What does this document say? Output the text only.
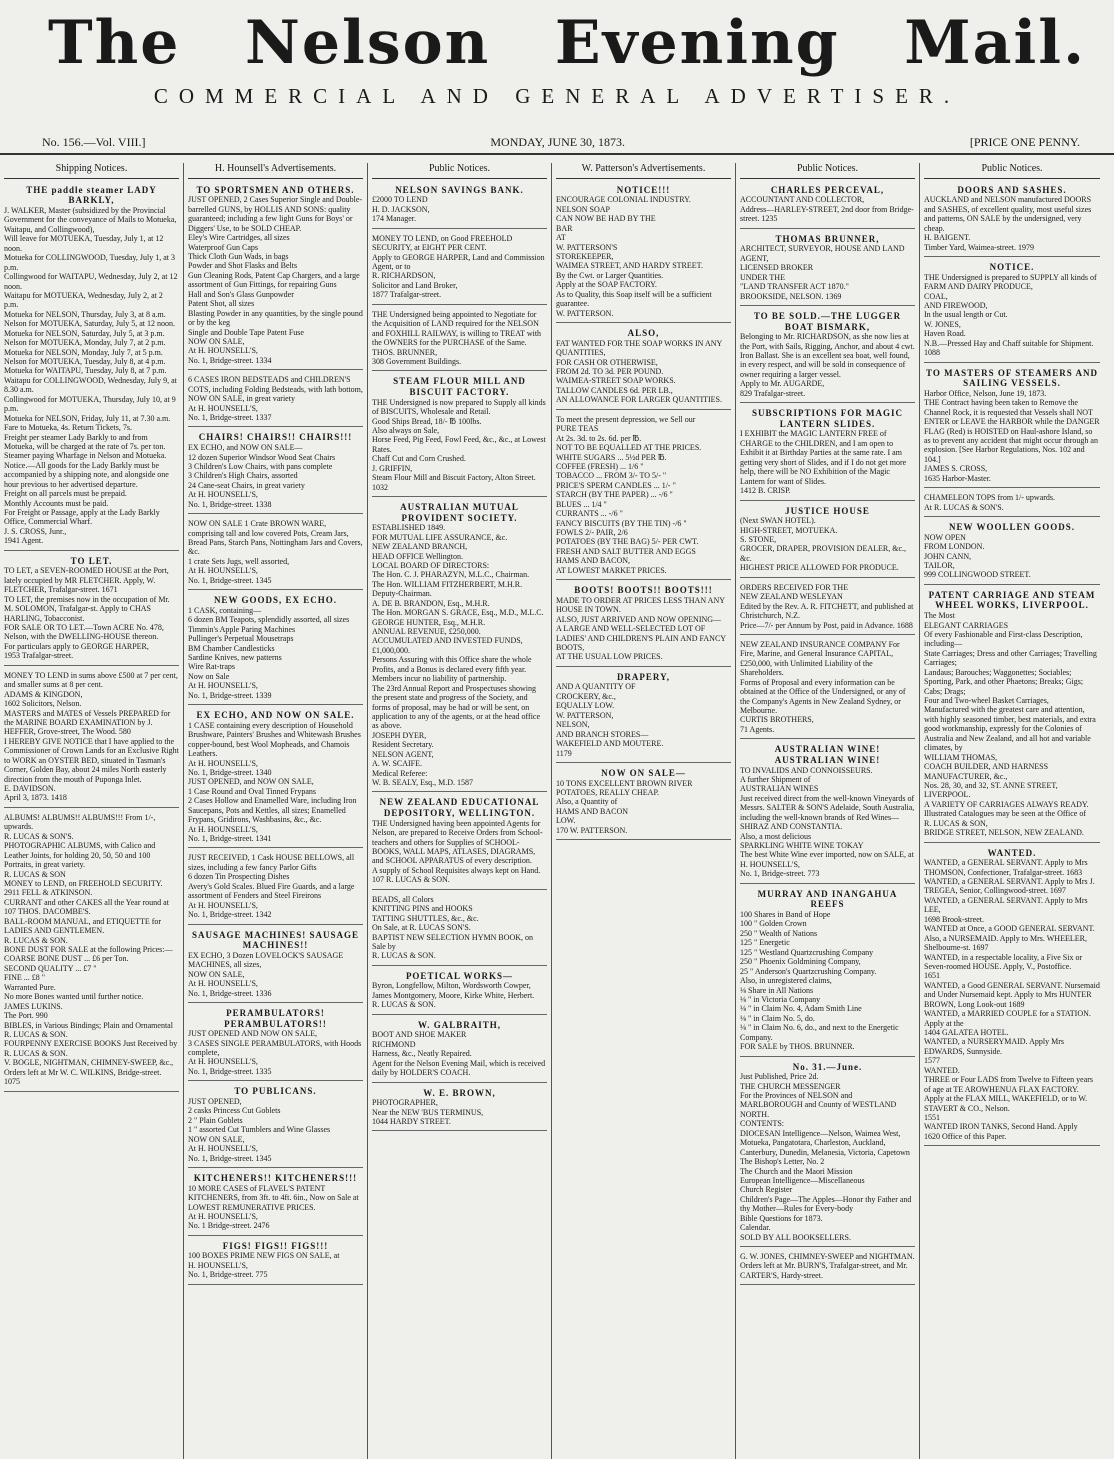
The Nelson Evening Mail.
COMMERCIAL AND GENERAL ADVERTISER.
No. 156.—Vol. VIII.]	MONDAY, JUNE 30, 1873.	[PRICE ONE PENNY.
Shipping Notices.
THE paddle steamer LADY BARKLY,
J. WALKER, Master (subsidized by the Provincial Government for the conveyance of Mails to Motueka, Waitapu, and Collingwood),
Will leave for MOTUEKA, Tuesday, July 1, at 12 noon.
Motueka for COLLINGWOOD, Tuesday, July 1, at 3 p.m.
Collingwood for WAITAPU, Wednesday, July 2, at 12 noon.
Waitapu for MOTUEKA, Wednesday, July 2, at 2 p.m.
Motueka for NELSON, Thursday, July 3, at 8 a.m.
Nelson for MOTUEKA, Saturday, July 5, at 12 noon.
Motueka for NELSON, Saturday, July 5, at 3 p.m.
Nelson for MOTUEKA, Monday, July 7, at 2 p.m.
Motueka for NELSON, Monday, July 7, at 5 p.m.
Nelson for MOTUEKA, Tuesday, July 8, at 4 p.m.
Motueka for WAITAPU, Tuesday, July 8, at 7 p.m.
Waitapu for COLLINGWOOD, Wednesday, July 9, at 8.30 a.m.
Collingwood for MOTUEKA, Thursday, July 10, at 9 p.m.
Motueka for NELSON, Friday, July 11, at 7.30 a.m.
Fare to Motueka, 4s. Return Tickets, 7s.
Freight per steamer Lady Barkly to and from Motueka, will be charged at the rate of 7s. per ton. Steamer paying Wharfage in Nelson and Motueka.
Notice.—All goods for the Lady Barkly must be accompanied by a shipping note, and alongside one hour previous to her advertised departure.
Freight on all parcels must be prepaid.
Monthly Accounts must be paid.
For Freight or Passage, apply at the Lady Barkly Office, Commercial Wharf.
J. S. CROSS, Junr.,
1941 Agent.
TO LET.
TO LET, a SEVEN-ROOMED HOUSE at the Port, lately occupied by MR FLETCHER. Apply, W. FLETCHER, Trafalgar-street. 1671
TO LET, the premises now in the occupation of Mr. M. SOLOMON, Trafalgar-st. Apply to CHAS HARLING, Tobacconist.
FOR SALE OR TO LET.—Town ACRE No. 478, Nelson, with the DWELLING-HOUSE thereon.
For particulars apply to GEORGE HARPER,
1953 Trafalgar-street.
MONEY TO LEND in sums above £500 at 7 per cent, and smaller sums at 8 per cent.
ADAMS & KINGDON,
1602 Solicitors, Nelson.
MASTERS and MATES of Vessels PREPARED for the MARINE BOARD EXAMINATION by J. HEFFER, Grove-street, The Wood. 580
I HEREBY GIVE NOTICE that I have applied to the Commissioner of Crown Lands for an Exclusive Right to WORK an OYSTER BED, situated in Tasman's Corner, Golden Bay, about 24 miles North easterly direction from the mouth of Puponga Inlet.
E. DAVIDSON.
April 3, 1873. 1418
ALBUMS! ALBUMS!! ALBUMS!!! From 1/-, upwards.
R. LUCAS & SON'S.
PHOTOGRAPHIC ALBUMS, with Calico and Leather Joints, for holding 20, 50, 50 and 100 Portraits, in great variety.
R. LUCAS & SON
MONEY to LEND, on FREEHOLD SECURITY.
2911 FELL & ATKINSON.
CURRANT and other CAKES all the Year round at
107 THOS. DACOMBE'S.
BALL-ROOM MANUAL, and ETIQUETTE for LADIES AND GENTLEMEN.
R. LUCAS & SON.
BONE DUST FOR SALE at the following Prices:—
COARSE BONE DUST ... £6 per Ton.
SECOND QUALITY ... £7 "
FINE ... £8 "
Warranted Pure.
No more Bones wanted until further notice.
JAMES LUKINS.
The Port. 990
BIBLES, in Various Bindings; Plain and Ornamental
R. LUCAS & SON.
FOURPENNY EXERCISE BOOKS Just Received by
R. LUCAS & SON.
V. BOGLE, NIGHTMAN, CHIMNEY-SWEEP, &c., Orders left at Mr W. C. WILKINS, Bridge-street. 1075
H. Hounsell's Advertisements.
TO SPORTSMEN AND OTHERS.
JUST OPENED, 2 Cases Superior Single and Double-barrelled GUNS, by HOLLIS AND SONS: quality guaranteed; including a few light Guns for Boys' or Diggers' Use, to be SOLD CHEAP.
Eley's Wire Cartridges, all sizes
Waterproof Gun Caps
Thick Cloth Gun Wads, in bags
Powder and Shot Flasks and Belts
Gun Cleaning Rods, Patent Cap Chargers, and a large assortment of Gun Fittings, for repairing Guns
Hall and Son's Glass Gunpowder
Patent Shot, all sizes
Blasting Powder in any quantities, by the single pound or by the keg
Single and Double Tape Patent Fuse
NOW ON SALE,
At H. HOUNSELL'S,
No. 1, Bridge-street. 1334
6 CASES IRON BEDSTEADS and CHILDREN'S COTS, including Folding Bedsteads, with lath bottom, NOW ON SALE, in great variety
At H. HOUNSELL'S,
No. 1, Bridge-street. 1337
CHAIRS! CHAIRS!! CHAIRS!!!
EX ECHO, and NOW ON SALE—
12 dozen Superior Windsor Wood Seat Chairs
3 Children's Low Chairs, with pans complete
3 Children's High Chairs, assorted
24 Cane-seat Chairs, in great variety
At H. HOUNSELL'S,
No. 1, Bridge-street. 1338
NOW ON SALE 1 Crate BROWN WARE, comprising tall and low covered Pots, Cream Jars, Bread Pans, Starch Pans, Nottingham Jars and Covers, &c.
1 crate Sets Jugs, well assorted,
At H. HOUNSELL'S,
No. 1, Bridge-street. 1345
NEW GOODS, EX ECHO.
1 CASK, containing—
6 dozen BM Teapots, splendidly assorted, all sizes
Timmin's Apple Paring Machines
Pullinger's Perpetual Mousetraps
BM Chamber Candlesticks
Sardine Knives, new patterns
Wire Rat-traps
Now on Sale
At H. HOUNSELL'S,
No. 1, Bridge-street. 1339
EX ECHO, AND NOW ON SALE.
1 CASE containing every description of Household Brushware, Painters' Brushes and Whitewash Brushes copper-bound, best Wool Mopheads, and Chamois Leathers.
At H. HOUNSELL'S,
No. 1, Bridge-street. 1340
JUST OPENED, and NOW ON SALE,
1 Case Round and Oval Tinned Frypans
2 Cases Hollow and Enamelled Ware, including Iron Saucepans, Pots and Kettles, all sizes; Enamelled Frypans, Gridirons, Washbasins, &c., &c.
At H. HOUNSELL'S,
No. 1, Bridge-street. 1341
JUST RECEIVED, 1 Cask HOUSE BELLOWS, all sizes, including a few fancy Parlor Gifts
6 dozen Tin Prospecting Dishes
Avery's Gold Scales. Blued Fire Guards, and a large assortment of Fenders and Steel Fireirons
At H. HOUNSELL'S,
No. 1, Bridge-street. 1342
SAUSAGE MACHINES! SAUSAGE MACHINES!!
EX ECHO, 3 Dozen LOVELOCK'S SAUSAGE MACHINES, all sizes,
NOW ON SALE,
At H. HOUNSELL'S,
No. 1, Bridge-street. 1336
PERAMBULATORS! PERAMBULATORS!!
JUST OPENED AND NOW ON SALE,
3 CASES SINGLE PERAMBULATORS, with Hoods complete,
At H. HOUNSELL'S,
No. 1, Bridge-street. 1335
TO PUBLICANS.
JUST OPENED,
2 casks Princess Cut Goblets
2 " Plain Goblets
1 " assorted Cut Tumblers and Wine Glasses
NOW ON SALE,
At H. HOUNSELL'S,
No. 1, Bridge-street. 1345
KITCHENERS!! KITCHENERS!!!
10 MORE CASES of FLAVEL'S PATENT KITCHENERS, from 3ft. to 4ft. 6in., Now on Sale at LOWEST REMUNERATIVE PRICES.
At H. HOUNSELL'S,
No. 1 Bridge-street. 2476
FIGS! FIGS!! FIGS!!!
100 BOXES PRIME NEW FIGS ON SALE, at
H. HOUNSELL'S,
No. 1, Bridge-street. 775
Public Notices.
NELSON SAVINGS BANK.
£2000 TO LEND
H. D. JACKSON,
174 Manager.
MONEY TO LEND, on Good FREEHOLD SECURITY, at EIGHT PER CENT.
Apply to GEORGE HARPER, Land and Commission Agent, or to
R. RICHARDSON,
Solicitor and Land Broker,
1877 Trafalgar-street.
THE Undersigned being appointed to Negotiate for the Acquisition of LAND required for the NELSON and FOXHILL RAILWAY, is willing to TREAT with the OWNERS for the PURCHASE of the Same.
THOS. BRUNNER,
308 Government Buildings.
STEAM FLOUR MILL AND BISCUIT FACTORY.
THE Undersigned is now prepared to Supply all kinds of BISCUITS, Wholesale and Retail.
Good Ships Bread, 18/- ℔ 100lbs.
Also always on Sale,
Horse Feed, Pig Feed, Fowl Feed, &c., &c., at Lowest Rates.
Chaff Cut and Corn Crushed.
J. GRIFFIN,
Steam Flour Mill and Biscuit Factory, Alton Street. 1032
AUSTRALIAN MUTUAL PROVIDENT SOCIETY.
ESTABLISHED 1849.
FOR MUTUAL LIFE ASSURANCE, &c.
NEW ZEALAND BRANCH,
HEAD OFFICE Wellington.
LOCAL BOARD OF DIRECTORS:
The Hon. C. J. PHARAZYN, M.L.C., Chairman.
The Hon. WILLIAM FITZHERBERT, M.H.R. Deputy-Chairman.
A. DE B. BRANDON, Esq., M.H.R.
The Hon. MORGAN S. GRACE, Esq., M.D., M.L.C.
GEORGE HUNTER, Esq., M.H.R.
ANNUAL REVENUE, £250,000.
ACCUMULATED AND INVESTED FUNDS, £1,000,000.
Persons Assuring with this Office share the whole Profits, and a Bonus is declared every fifth year.
Members incur no liability of partnership.
The 23rd Annual Report and Prospectuses showing the present state and progress of the Society, and forms of proposal, may be had or will be sent, on application to any of the agents, or at the head office as above.
JOSEPH DYER,
Resident Secretary.
NELSON AGENT,
A. W. SCAIFE.
Medical Referee:
W. B. SEALY, Esq., M.D. 1587
NEW ZEALAND EDUCATIONAL DEPOSITORY, WELLINGTON.
THE Undersigned having been appointed Agents for Nelson, are prepared to Receive Orders from School-teachers and others for Supplies of SCHOOL-BOOKS, WALL MAPS, ATLASES, DIAGRAMS, and SCHOOL APPARATUS of every description.
A supply of School Requisites always kept on Hand.
107 R. LUCAS & SON.
BEADS, all Colors
KNITTING PINS and HOOKS
TATTING SHUTTLES, &c., &c.
On Sale, at R. LUCAS SON'S.
BAPTIST NEW SELECTION HYMN BOOK, on Sale by
R. LUCAS & SON.
POETICAL WORKS—
Byron, Longfellow, Milton, Wordsworth Cowper, James Montgomery, Moore, Kirke White, Herbert.
R. LUCAS & SON.
W. GALBRAITH,
BOOT AND SHOE MAKER
RICHMOND
Harness, &c., Neatly Repaired.
Agent for the Nelson Evening Mail, which is received daily by HOLDER'S COACH.
W. E. BROWN,
PHOTOGRAPHER,
Near the NEW 'BUS TERMINUS,
1044 HARDY STREET.
W. Patterson's Advertisements.
NOTICE!!!
ENCOURAGE COLONIAL INDUSTRY.
NELSON SOAP
CAN NOW BE HAD BY THE
BAR
AT
W. PATTERSON'S
STOREKEEPER,
WAIMEA STREET, AND HARDY STREET.
By the Cwt. or Larger Quantities.
Apply at the SOAP FACTORY.
As to Quality, this Soap itself will be a sufficient guarantee.
W. PATTERSON.
ALSO,
FAT WANTED FOR THE SOAP WORKS IN ANY QUANTITIES,
FOR CASH OR OTHERWISE,
FROM 2d. TO 3d. PER POUND.
WAIMEA-STREET SOAP WORKS.
TALLOW CANDLES 6d. PER LB.,
AN ALLOWANCE FOR LARGER QUANTITIES.
To meet the present depression, we Sell our
PURE TEAS
At 2s. 3d. to 2s. 6d. per ℔.
NOT TO BE EQUALLED AT THE PRICES.
WHITE SUGARS ... 5½d PER ℔.
COFFEE (FRESH) ... 1/6 "
TOBACCO ... FROM 3/- TO 5/- "
PRICE'S SPERM CANDLES ... 1/- "
STARCH (BY THE PAPER) ... -/6 "
BLUES ... 1/4 "
CURRANTS ... -/6 "
FANCY BISCUITS (BY THE TIN) -/6 "
FOWLS 2/- PAIR, 2/6
POTATOES (BY THE BAG) 5/- PER CWT.
FRESH AND SALT BUTTER AND EGGS
HAMS AND BACON,
AT LOWEST MARKET PRICES.
BOOTS! BOOTS!! BOOTS!!!
MADE TO ORDER AT PRICES LESS THAN ANY HOUSE IN TOWN.
ALSO, JUST ARRIVED AND NOW OPENING—
A LARGE AND WELL-SELECTED LOT OF LADIES' AND CHILDREN'S PLAIN AND FANCY BOOTS,
AT THE USUAL LOW PRICES.
DRAPERY,
AND A QUANTITY OF
CROCKERY, &c.,
EQUALLY LOW.
W. PATTERSON,
NELSON,
AND BRANCH STORES—
WAKEFIELD AND MOUTERE.
1179
NOW ON SALE—
10 TONS EXCELLENT BROWN RIVER POTATOES, REALLY CHEAP.
Also, a Quantity of
HAMS AND BACON
LOW.
170 W. PATTERSON.
Public Notices.
CHARLES PERCEVAL,
ACCOUNTANT AND COLLECTOR,
Address—HARLEY-STREET, 2nd door from Bridge-street. 1235
THOMAS BRUNNER,
ARCHITECT, SURVEYOR, HOUSE AND LAND AGENT,
LICENSED BROKER
UNDER THE
"LAND TRANSFER ACT 1870."
BROOKSIDE, NELSON. 1369
TO BE SOLD.—THE LUGGER BOAT BISMARK,
Belonging to Mr. RICHARDSON, as she now lies at the Port, with Sails, Rigging, Anchor, and about 4 cwt. Iron Ballast. She is an excellent sea boat, well found, in every respect, and will be sold in consequence of owner requiring a larger vessel.
Apply to Mr. AUGARDE,
829 Trafalgar-street.
SUBSCRIPTIONS FOR MAGIC LANTERN SLIDES.
I EXHIBIT the MAGIC LANTERN FREE of CHARGE to the CHILDREN, and I am open to Exhibit it at Birthday Parties at the same rate. I am getting very short of Slides, and if I do not get more help, there will be NO Exhibition of the Magic Lantern for want of Slides.
1412 B. CRISP.
JUSTICE HOUSE
(Next SWAN HOTEL).
HIGH-STREET, MOTUEKA.
S. STONE,
GROCER, DRAPER, PROVISION DEALER, &c., &c.
HIGHEST PRICE ALLOWED FOR PRODUCE.
ORDERS RECEIVED FOR THE
NEW ZEALAND WESLEYAN
Edited by the Rev. A. R. FITCHETT, and published at Christchurch, N.Z.
Price—7/- per Annum by Post, paid in Advance. 1688
NEW ZEALAND INSURANCE COMPANY For Fire, Marine, and General Insurance CAPITAL, £250,000, with Unlimited Liability of the Shareholders.
Forms of Proposal and every information can be obtained at the Office of the Undersigned, or any of the Company's Agents in New Zealand Sydney, or Melbourne.
CURTIS BROTHERS,
71 Agents.
AUSTRALIAN WINE! AUSTRALIAN WINE!
TO INVALIDS AND CONNOISSEURS.
A further Shipment of
AUSTRALIAN WINES
Just received direct from the well-known Vineyards of Messrs. SALTER & SON'S Adelaide, South Australia, including the well-known brands of Red Wines—
SHIRAZ AND CONSTANTIA.
Also, a most delicious
SPARKLING WHITE WINE TOKAY
The best White Wine ever imported, now on SALE, at
H. HOUNSELL'S,
No. 1, Bridge-street. 773
MURRAY AND INANGAHUA REEFS
100 Shares in Band of Hope
100 " Golden Crown
250 " Wealth of Nations
125 " Energetic
125 " Westland Quartzcrushing Company
250 " Phoenix Goldmining Company,
25 " Anderson's Quartzcrushing Company.
Also, in unregistered claims,
⅛ Share in All Nations
⅛ " in Victoria Company
⅛ " in Claim No. 4, Adam Smith Line
⅛ " in Claim No. 5, do.
⅛ " in Claim No. 6, do., and next to the Energetic Company.
FOR SALE by THOS. BRUNNER.
No. 31.—June.
Just Published, Price 2d.
THE CHURCH MESSENGER
For the Provinces of NELSON and MARLBOROUGH and County of WESTLAND NORTH.
CONTENTS:
DIOCESAN Intelligence—Nelson, Waimea West, Motueka, Pangatotara, Charleston, Auckland, Canterbury, Dunedin, Melanesia, Victoria, Capetown
The Bishop's Letter, No. 2
The Church and the Maori Mission
European Intelligence—Miscellaneous
Church Register
Children's Page—The Apples—Honor thy Father and thy Mother—Rules for Every-body
Bible Questions for 1873.
Calendar.
SOLD BY ALL BOOKSELLERS.
G. W. JONES, CHIMNEY-SWEEP and NIGHTMAN. Orders left at Mr. BURN'S, Trafalgar-street, and Mr. CARTER'S, Hardy-street.
Public Notices.
DOORS AND SASHES.
AUCKLAND and NELSON manufactured DOORS and SASHES, of excellent quality, most useful sizes and patterns, ON SALE by the undersigned, very cheap.
H. BAIGENT.
Timber Yard, Waimea-street. 1979
NOTICE.
THE Undersigned is prepared to SUPPLY all kinds of
FARM AND DAIRY PRODUCE,
COAL,
AND FIREWOOD,
In the usual length or Cut.
W. JONES,
Haven Road.
N.B.—Pressed Hay and Chaff suitable for Shipment. 1088
TO MASTERS OF STEAMERS AND SAILING VESSELS.
Harbor Office, Nelson, June 19, 1873.
THE Contract having been taken to Remove the Channel Rock, it is requested that Vessels shall NOT ENTER or LEAVE the HARBOR while the DANGER FLAG (Red) is HOISTED on Haul-ashore Island, so as to prevent any accident that might occur through an explosion. [See Harbor Regulations, Nos. 102 and 104.]
JAMES S. CROSS,
1635 Harbor-Master.
CHAMELEON TOPS from 1/- upwards.
At R. LUCAS & SON'S.
NEW WOOLLEN GOODS.
NOW OPEN
FROM LONDON.
JOHN CANN,
TAILOR,
999 COLLINGWOOD STREET.
PATENT CARRIAGE AND STEAM WHEEL WORKS, LIVERPOOL.
The Most
ELEGANT CARRIAGES
Of every Fashionable and First-class Description, including—
State Carriages; Dress and other Carriages; Travelling Carriages;
Landaus; Barouches; Waggonettes; Sociables; Sporting, Park, and other Phaetons; Breaks; Gigs; Cabs; Drags;
Four and Two-wheel Basket Carriages,
Manufactured with the greatest care and attention, with highly seasoned timber, best materials, and extra good workmanship, expressly for the Colonies of Australia and New Zealand, and all hot and variable climates, by
WILLIAM THOMAS,
COACH BUILDER, AND HARNESS MANUFACTURER, &c.,
Nos. 28, 30, and 32, ST. ANNE STREET, LIVERPOOL.
A VARIETY OF CARRIAGES ALWAYS READY.
Illustrated Catalogues may be seen at the Office of
R. LUCAS & SON,
BRIDGE STREET, NELSON, NEW ZEALAND.
WANTED.
WANTED, a GENERAL SERVANT. Apply to Mrs THOMSON, Confectioner, Trafalgar-street. 1683
WANTED, a GENERAL SERVANT. Apply to Mrs J. TREGEA, Senior, Collingwood-street. 1697
WANTED, a GENERAL SERVANT. Apply to Mrs LEE,
1698 Brook-street.
WANTED at Once, a GOOD GENERAL SERVANT. Also, a NURSEMAID. Apply to Mrs. WHEELER, Shelbourne-st. 1697
WANTED, in a respectable locality, a Five Six or Seven-roomed HOUSE. Apply, V., Postoffice.
1651
WANTED, a Good GENERAL SERVANT. Nursemaid and Under Nursemaid kept. Apply to Mrs HUNTER BROWN, Long Look-out 1689
WANTED, a MARRIED COUPLE for a STATION. Apply at the
1404 GALATEA HOTEL.
WANTED, a NURSERYMAID. Apply Mrs EDWARDS, Sunnyside.
1577
WANTED.
THREE or Four LADS from Twelve to Fifteen years of age at TE AROWHENUA FLAX FACTORY.
Apply at the FLAX MILL, WAKEFIELD, or to W. STAVERT & CO., Nelson.
1551
WANTED IRON TANKS, Second Hand. Apply
1620 Office of this Paper.
